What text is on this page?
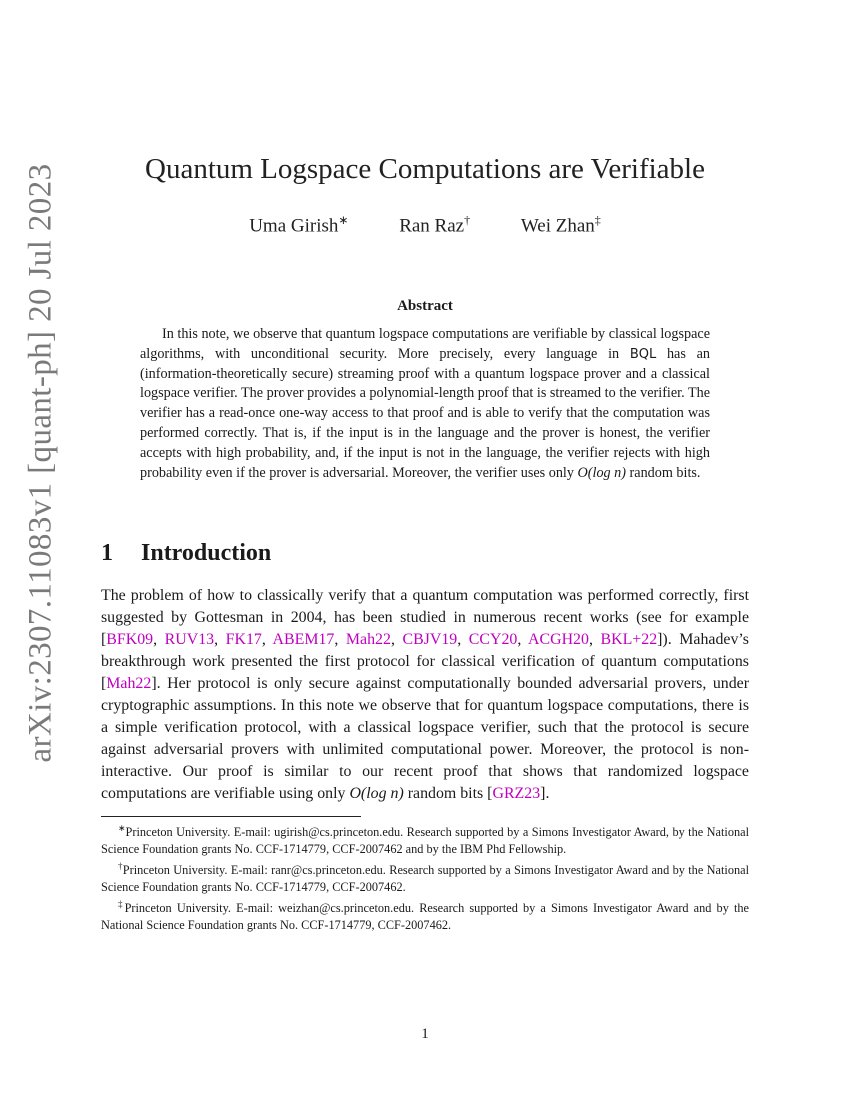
arXiv:2307.11083v1 [quant-ph] 20 Jul 2023	Quantum Logspace Computations are Verifiable
Uma Girish∗	Ran Raz†	Wei Zhan‡
Abstract

In this note, we observe that quantum logspace computations are verifiable by classical logspace algorithms, with unconditional security. More precisely, every language in BQL has an (information-theoretically secure) streaming proof with a quantum logspace prover and a classical logspace verifier. The prover provides a polynomial-length proof that is streamed to the verifier. The verifier has a read-once one-way access to that proof and is able to verify that the computation was performed correctly. That is, if the input is in the language and the prover is honest, the verifier accepts with high probability, and, if the input is not in the language, the verifier rejects with high probability even if the prover is adversarial. Moreover, the verifier uses only O(log n) random bits.

1 Introduction

The problem of how to classically verify that a quantum computation was performed correctly, first suggested by Gottesman in 2004, has been studied in numerous recent works (see for example [BFK09, RUV13, FK17, ABEM17, Mah22, CBJV19, CCY20, ACGH20, BKL+22]). Mahadev’s breakthrough work presented the first protocol for classical verification of quantum computations [Mah22]. Her protocol is only secure against computationally bounded adversarial provers, under cryptographic assumptions. In this note we observe that for quantum logspace computations, there is a simple verification protocol, with a classical logspace verifier, such that the protocol is secure against adversarial provers with unlimited computational power. Moreover, the protocol is non-interactive. Our proof is similar to our recent proof that shows that randomized logspace computations are verifiable using only O(log n) random bits [GRZ23].

∗Princeton University. E-mail: ugirish@cs.princeton.edu. Research supported by a Simons Investigator Award, by the National Science Foundation grants No. CCF-1714779, CCF-2007462 and by the IBM Phd Fellowship.

†Princeton University. E-mail: ranr@cs.princeton.edu. Research supported by a Simons Investigator Award and by the National Science Foundation grants No. CCF-1714779, CCF-2007462.

‡Princeton University. E-mail: weizhan@cs.princeton.edu. Research supported by a Simons Investigator Award and by the National Science Foundation grants No. CCF-1714779, CCF-2007462.

1
